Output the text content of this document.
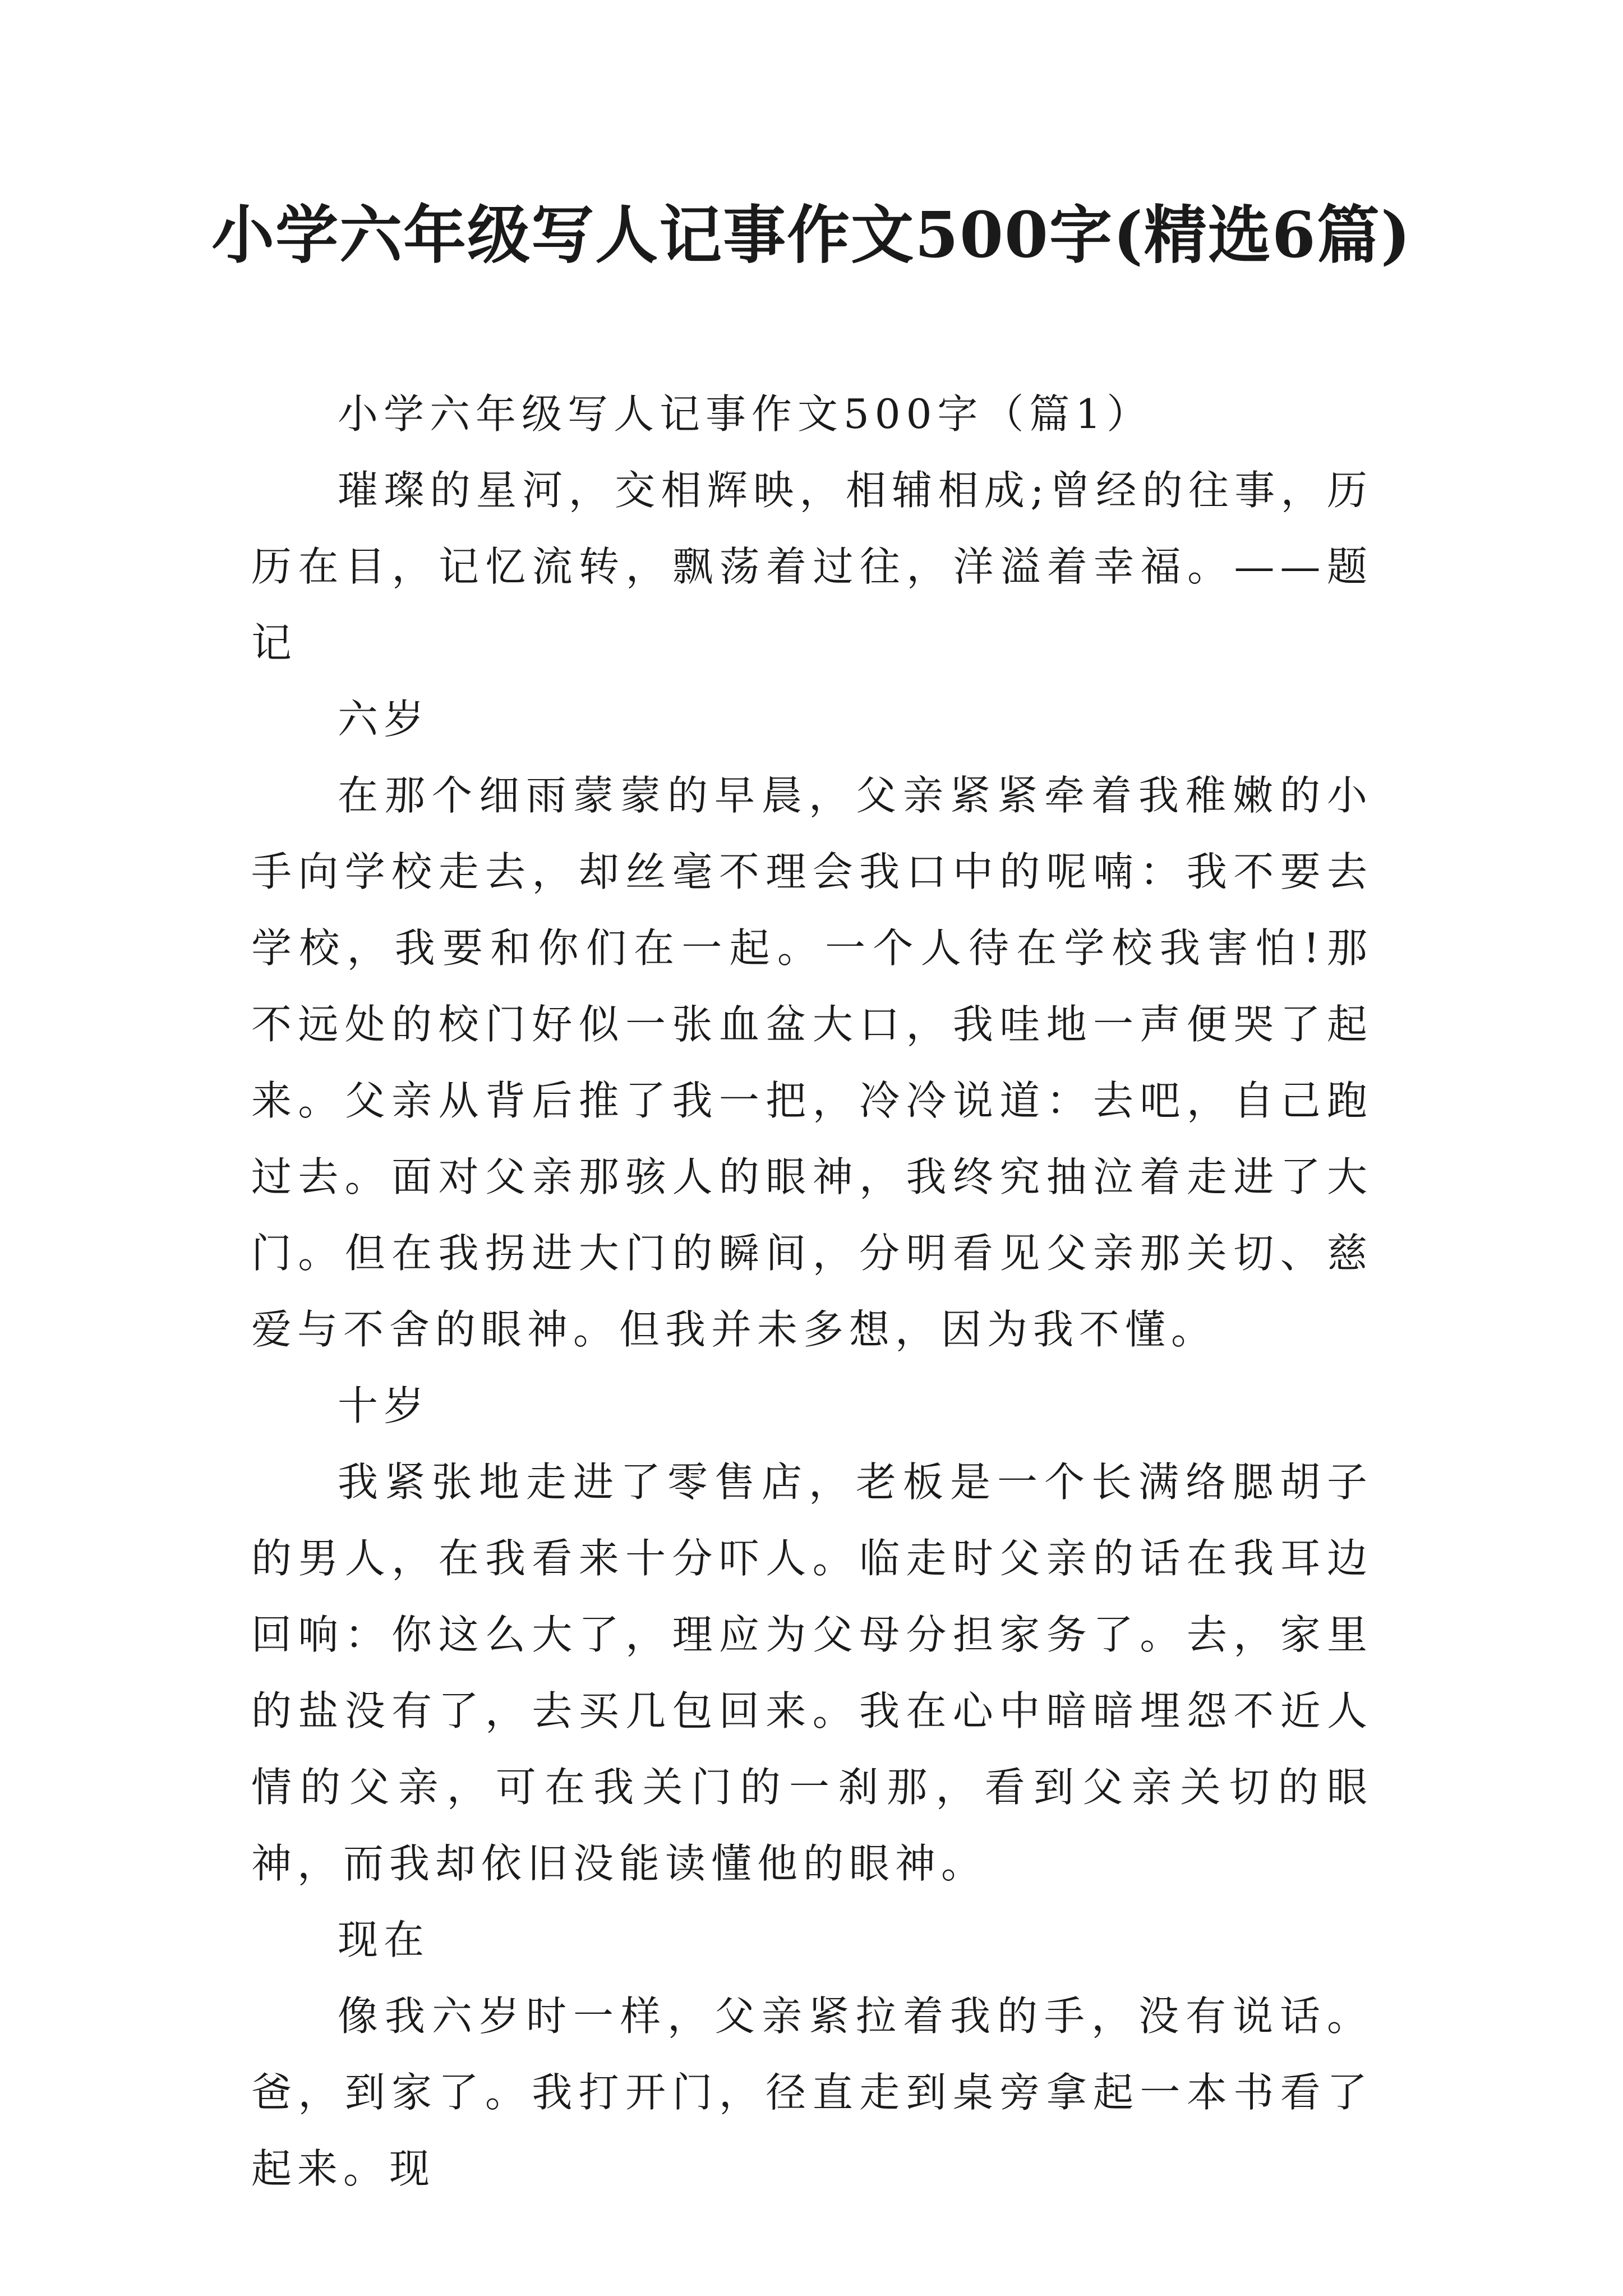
小学六年级写人记事作文500字(精选6篇)

小学六年级写人记事作文500字（篇1）

璀璨的星河，交相辉映，相辅相成;曾经的往事，历历在目，记忆流转，飘荡着过往，洋溢着幸福。——题记

六岁

在那个细雨蒙蒙的早晨，父亲紧紧牵着我稚嫩的小手向学校走去，却丝毫不理会我口中的呢喃：我不要去学校，我要和你们在一起。一个人待在学校我害怕!那不远处的校门好似一张血盆大口，我哇地一声便哭了起来。父亲从背后推了我一把，冷冷说道：去吧，自己跑过去。面对父亲那骇人的眼神，我终究抽泣着走进了大门。但在我拐进大门的瞬间，分明看见父亲那关切、慈爱与不舍的眼神。但我并未多想，因为我不懂。

十岁

我紧张地走进了零售店，老板是一个长满络腮胡子的男人，在我看来十分吓人。临走时父亲的话在我耳边回响：你这么大了，理应为父母分担家务了。去，家里的盐没有了，去买几包回来。我在心中暗暗埋怨不近人情的父亲，可在我关门的一刹那，看到父亲关切的眼神，而我却依旧没能读懂他的眼神。

现在

像我六岁时一样，父亲紧拉着我的手，没有说话。爸，到家了。我打开门，径直走到桌旁拿起一本书看了起来。现
